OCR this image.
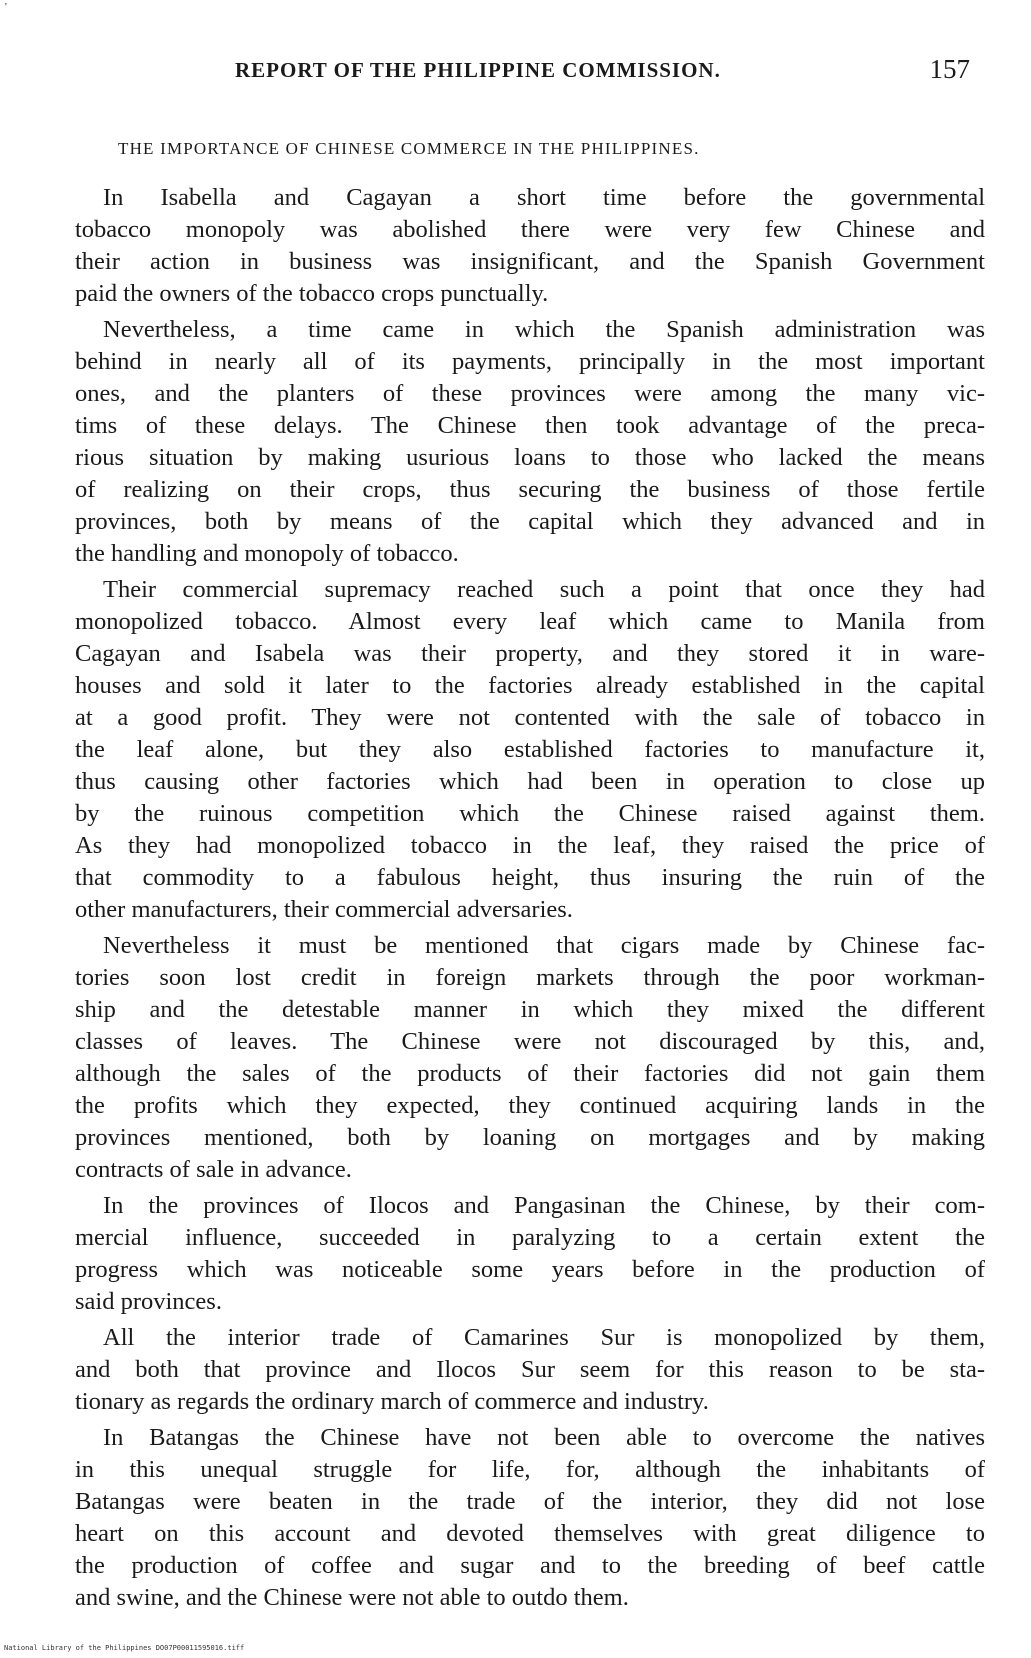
'
REPORT OF THE PHILIPPINE COMMISSION.	157
THE IMPORTANCE OF CHINESE COMMERCE IN THE PHILIPPINES.
In Isabella and Cagayan a short time before the governmental
tobacco monopoly was abolished there were very few Chinese and
their action in business was insignificant, and the Spanish Government
paid the owners of the tobacco crops punctually.
Nevertheless, a time came in which the Spanish administration was
behind in nearly all of its payments, principally in the most important
ones, and the planters of these provinces were among the many vic-
tims of these delays. The Chinese then took advantage of the preca-
rious situation by making usurious loans to those who lacked the means
of realizing on their crops, thus securing the business of those fertile
provinces, both by means of the capital which they advanced and in
the handling and monopoly of tobacco.
Their commercial supremacy reached such a point that once they had
monopolized tobacco. Almost every leaf which came to Manila from
Cagayan and Isabela was their property, and they stored it in ware-
houses and sold it later to the factories already established in the capital
at a good profit. They were not contented with the sale of tobacco in
the leaf alone, but they also established factories to manufacture it,
thus causing other factories which had been in operation to close up
by the ruinous competition which the Chinese raised against them.
As they had monopolized tobacco in the leaf, they raised the price of
that commodity to a fabulous height, thus insuring the ruin of the
other manufacturers, their commercial adversaries.
Nevertheless it must be mentioned that cigars made by Chinese fac-
tories soon lost credit in foreign markets through the poor workman-
ship and the detestable manner in which they mixed the different
classes of leaves. The Chinese were not discouraged by this, and,
although the sales of the products of their factories did not gain them
the profits which they expected, they continued acquiring lands in the
provinces mentioned, both by loaning on mortgages and by making
contracts of sale in advance.
In the provinces of Ilocos and Pangasinan the Chinese, by their com-
mercial influence, succeeded in paralyzing to a certain extent the
progress which was noticeable some years before in the production of
said provinces.
All the interior trade of Camarines Sur is monopolized by them,
and both that province and Ilocos Sur seem for this reason to be sta-
tionary as regards the ordinary march of commerce and industry.
In Batangas the Chinese have not been able to overcome the natives
in this unequal struggle for life, for, although the inhabitants of
Batangas were beaten in the trade of the interior, they did not lose
heart on this account and devoted themselves with great diligence to
the production of coffee and sugar and to the breeding of beef cattle
and swine, and the Chinese were not able to outdo them.
National Library of the Philippines DO07P00011595016.tiff
